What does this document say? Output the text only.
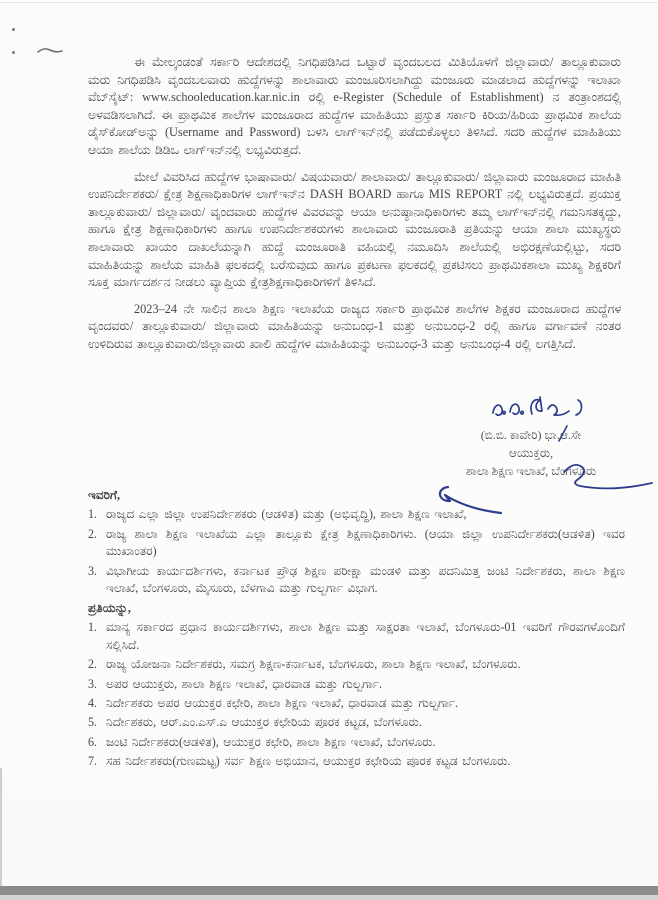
ಈ ಮೇಲ್ಕಂಡಂತೆ ಸರ್ಕಾರಿ ಆದೇಶದಲ್ಲಿ ನಿಗಧಿಪಡಿಸಿದ ಒಟ್ಟಾರೆ ವೃಂದಬಲದ ಮಿತಿಯೊಳಗೆ ಜಿಲ್ಲಾವಾರು/ ತಾಲ್ಲೂಕುವಾರು ಮರು ನಿಗಧಿಪಡಿಸಿ ವೃಂದಬಲವಾರು ಹುದ್ದೆಗಳನ್ನು ಶಾಲಾವಾರು ಮಂಜೂರಿಸಲಾಗಿದ್ದು ಮಂಜೂರು ಮಾಡಲಾದ ಹುದ್ದೆಗಳನ್ನು ಇಲಾಖಾ ವೆಬ್‌ಸೈಟ್: www.schooleducation.kar.nic.in ರಲ್ಲಿ e-Register (Schedule of Establishment) ನ ತಂತ್ರಾಂಶದಲ್ಲಿ ಅಳವಡಿಸಲಾಗಿದೆ. ಈ ಪ್ರಾಥಮಿಕ ಶಾಲೆಗಳ ಮಂಜೂರಾದ ಹುದ್ದೆಗಳ ಮಾಹಿತಿಯು ಪ್ರಸ್ತುತ ಸರ್ಕಾರಿ ಕಿರಿಯ/ಹಿರಿಯ ಪ್ರಾಥಮಿಕ ಶಾಲೆಯ ಡೈಸ್‌ಕೋಡ್‌ಅನ್ನು (Username and Password) ಬಳಸಿ ಲಾಗ್‌ಇನ್‌ನಲ್ಲಿ ಪಡೆದುಕೊಳ್ಳಲು ತಿಳಿಸಿದೆ. ಸದರಿ ಹುದ್ದೆಗಳ ಮಾಹಿತಿಯು ಆಯಾ ಶಾಲೆಯ ಡಿಡಿಒ ಲಾಗ್‌ಇನ್‌ನಲ್ಲಿ ಲಭ್ಯವಿರುತ್ತದೆ.

ಮೇಲೆ ವಿವರಿಸಿದ ಹುದ್ದೆಗಳ ಭಾಷಾವಾರು/ ವಿಷಯವಾರು/ ಶಾಲಾವಾರು/ ತಾಲ್ಲೂಕುವಾರು/ ಜಿಲ್ಲಾವಾರು ಮಂಜೂರಾದ ಮಾಹಿತಿ ಉಪನಿರ್ದೇಶಕರು/ ಕ್ಷೇತ್ರ ಶಿಕ್ಷಣಾಧಿಕಾರಿಗಳ ಲಾಗ್‌ಇನ್‌ನ DASH BOARD ಹಾಗೂ MIS REPORT ನಲ್ಲಿ ಲಭ್ಯವಿರುತ್ತದೆ. ಪ್ರಯುಕ್ತ ತಾಲ್ಲೂಕುವಾರು/ ಜಿಲ್ಲಾವಾರು/ ವೃಂದವಾರು ಹುದ್ದೆಗಳ ವಿವರವನ್ನು ಆಯಾ ಅನುಷ್ಠಾನಾಧಿಕಾರಿಗಳು ತಮ್ಮ ಲಾಗ್‌ಇನ್‌ನಲ್ಲಿ ಗಮನಿಸತಕ್ಕದ್ದು, ಹಾಗೂ ಕ್ಷೇತ್ರ ಶಿಕ್ಷಣಾಧಿಕಾರಿಗಳು ಹಾಗೂ ಉಪನಿರ್ದೇಶಕರುಗಳು ಶಾಲಾವಾರು ಮಂಜೂರಾತಿ ಪ್ರತಿಯನ್ನು ಆಯಾ ಶಾಲಾ ಮುಖ್ಯಸ್ಥರು ಶಾಲಾವಾರು ಖಾಯಂ ದಾಖಲೆಯನ್ನಾಗಿ ಹುದ್ದೆ ಮಂಜೂರಾತಿ ವಹಿಯಲ್ಲಿ ನಮೂದಿಸಿ ಶಾಲೆಯಲ್ಲಿ ಅಭಿರಕ್ಷಣೆಯಲ್ಲಿಟ್ಟು, ಸದರಿ ಮಾಹಿತಿಯನ್ನು ಶಾಲೆಯ ಮಾಹಿತಿ ಫಲಕದಲ್ಲಿ ಬರೆಸುವುದು ಹಾಗೂ ಪ್ರಕಟಣಾ ಫಲಕದಲ್ಲಿ ಪ್ರಕಟಿಸಲು ಪ್ರಾಥಮಿಕಶಾಲಾ ಮುಖ್ಯ ಶಿಕ್ಷಕರಿಗೆ ಸೂಕ್ತ ಮಾರ್ಗದರ್ಶನ ನೀಡಲು ವ್ಯಾಪ್ತಿಯ ಕ್ಷೇತ್ರಶಿಕ್ಷಣಾಧಿಕಾರಿಗಳಿಗೆ ತಿಳಿಸಿದೆ.

2023–24 ನೇ ಸಾಲಿನ ಶಾಲಾ ಶಿಕ್ಷಣ ಇಲಾಖೆಯ ರಾಜ್ಯದ ಸರ್ಕಾರಿ ಪ್ರಾಥಮಿಕ ಶಾಲೆಗಳ ಶಿಕ್ಷಕರ ಮಂಜೂರಾದ ಹುದ್ದೆಗಳ ವೃಂದವರು/ ತಾಲ್ಲೂಕುವಾರು/ ಜಿಲ್ಲಾವಾರು ಮಾಹಿತಿಯನ್ನು ಅನುಬಂಧ-1 ಮತ್ತು ಅನುಬಂಧ-2 ರಲ್ಲಿ ಹಾಗೂ ವರ್ಗಾವಣೆ ನಂತರ ಉಳಿದಿರುವ ತಾಲ್ಲೂಕುವಾರು/ಜಿಲ್ಲಾವಾರು ಖಾಲಿ ಹುದ್ದೆಗಳ ಮಾಹಿತಿಯನ್ನು ಅನುಬಂಧ-3 ಮತ್ತು ಅನುಬಂಧ-4 ರಲ್ಲಿ ಲಗತ್ತಿಸಿದೆ.

(ಬಿ.ಬಿ. ಕಾವೇರಿ) ಭಾ.ಆ.ಸೇ
ಆಯುಕ್ತರು,
ಶಾಲಾ ಶಿಕ್ಷಣ ಇಲಾಖೆ, ಬೆಂಗಳೂರು
ಇವರಿಗೆ,
1. ರಾಜ್ಯದ ಎಲ್ಲಾ ಜಿಲ್ಲಾ ಉಪನಿರ್ದೇಶಕರು (ಆಡಳಿತ) ಮತ್ತು (ಅಭಿವೃದ್ಧಿ), ಶಾಲಾ ಶಿಕ್ಷಣ ಇಲಾಖೆ,
2. ರಾಜ್ಯ ಶಾಲಾ ಶಿಕ್ಷಣ ಇಲಾಖೆಯ ಎಲ್ಲಾ ತಾಲ್ಲೂಕು ಕ್ಷೇತ್ರ ಶಿಕ್ಷಣಾಧಿಕಾರಿಗಳು. (ಆಯಾ ಜಿಲ್ಲಾ ಉಪನಿರ್ದೇಶಕರು(ಆಡಳಿತ) ಇವರ ಮುಖಾಂತರ)
3. ವಿಭಾಗೀಯ ಕಾರ್ಯದರ್ಶಿಗಳು, ಕರ್ನಾಟಕ ಪ್ರೌಢ ಶಿಕ್ಷಣ ಪರೀಕ್ಷಾ ಮಂಡಳಿ ಮತ್ತು ಪದನಿಮಿತ್ತ ಜಂಟಿ ನಿರ್ದೇಶಕರು, ಶಾಲಾ ಶಿಕ್ಷಣ ಇಲಾಖೆ, ಬೆಂಗಳೂರು, ಮೈಸೂರು, ಬೆಳಗಾವಿ ಮತ್ತು ಗುಲ್ಬರ್ಗಾ ವಿಭಾಗ.
ಪ್ರತಿಯನ್ನು,
1. ಮಾನ್ಯ ಸರ್ಕಾರದ ಪ್ರಧಾನ ಕಾರ್ಯದರ್ಶಿಗಳು, ಶಾಲಾ ಶಿಕ್ಷಣ ಮತ್ತು ಸಾಕ್ಷರತಾ ಇಲಾಖೆ, ಬೆಂಗಳೂರು-01 ಇವರಿಗೆ ಗೌರವಗಳೊಂದಿಗೆ ಸಲ್ಲಿಸಿದೆ.
2. ರಾಜ್ಯ ಯೋಜನಾ ನಿರ್ದೇಶಕರು, ಸಮಗ್ರ ಶಿಕ್ಷಣ-ಕರ್ನಾಟಕ, ಬೆಂಗಳೂರು, ಶಾಲಾ ಶಿಕ್ಷಣ ಇಲಾಖೆ, ಬೆಂಗಳೂರು.
3. ಅಪರ ಆಯುಕ್ತರು, ಶಾಲಾ ಶಿಕ್ಷಣ ಇಲಾಖೆ, ಧಾರವಾಡ ಮತ್ತು ಗುಲ್ಬರ್ಗಾ.
4. ನಿರ್ದೇಶಕರು ಅಪರ ಆಯುಕ್ತರ ಕಛೇರಿ, ಶಾಲಾ ಶಿಕ್ಷಣ ಇಲಾಖೆ, ಧಾರವಾಡ ಮತ್ತು ಗುಲ್ಬರ್ಗಾ.
5. ನಿರ್ದೇಶಕರು, ಆರ್.ಎಂ.ಎಸ್.ಎ ಆಯುಕ್ತರ ಕಛೇರಿಯ ಪೂರಕ ಕಟ್ಟಡ, ಬೆಂಗಳೂರು.
6. ಜಂಟಿ ನಿರ್ದೇಶಕರು(ಆಡಳಿತ), ಆಯುಕ್ತರ ಕಛೇರಿ, ಶಾಲಾ ಶಿಕ್ಷಣ ಇಲಾಖೆ, ಬೆಂಗಳೂರು.
7. ಸಹ ನಿರ್ದೇಶಕರು(ಗುಣಮಟ್ಟ) ಸರ್ವ ಶಿಕ್ಷಣ ಅಭಿಯಾನ, ಆಯುಕ್ತರ ಕಛೇರಿಯ ಪೂರಕ ಕಟ್ಟಡ ಬೆಂಗಳೂರು.
